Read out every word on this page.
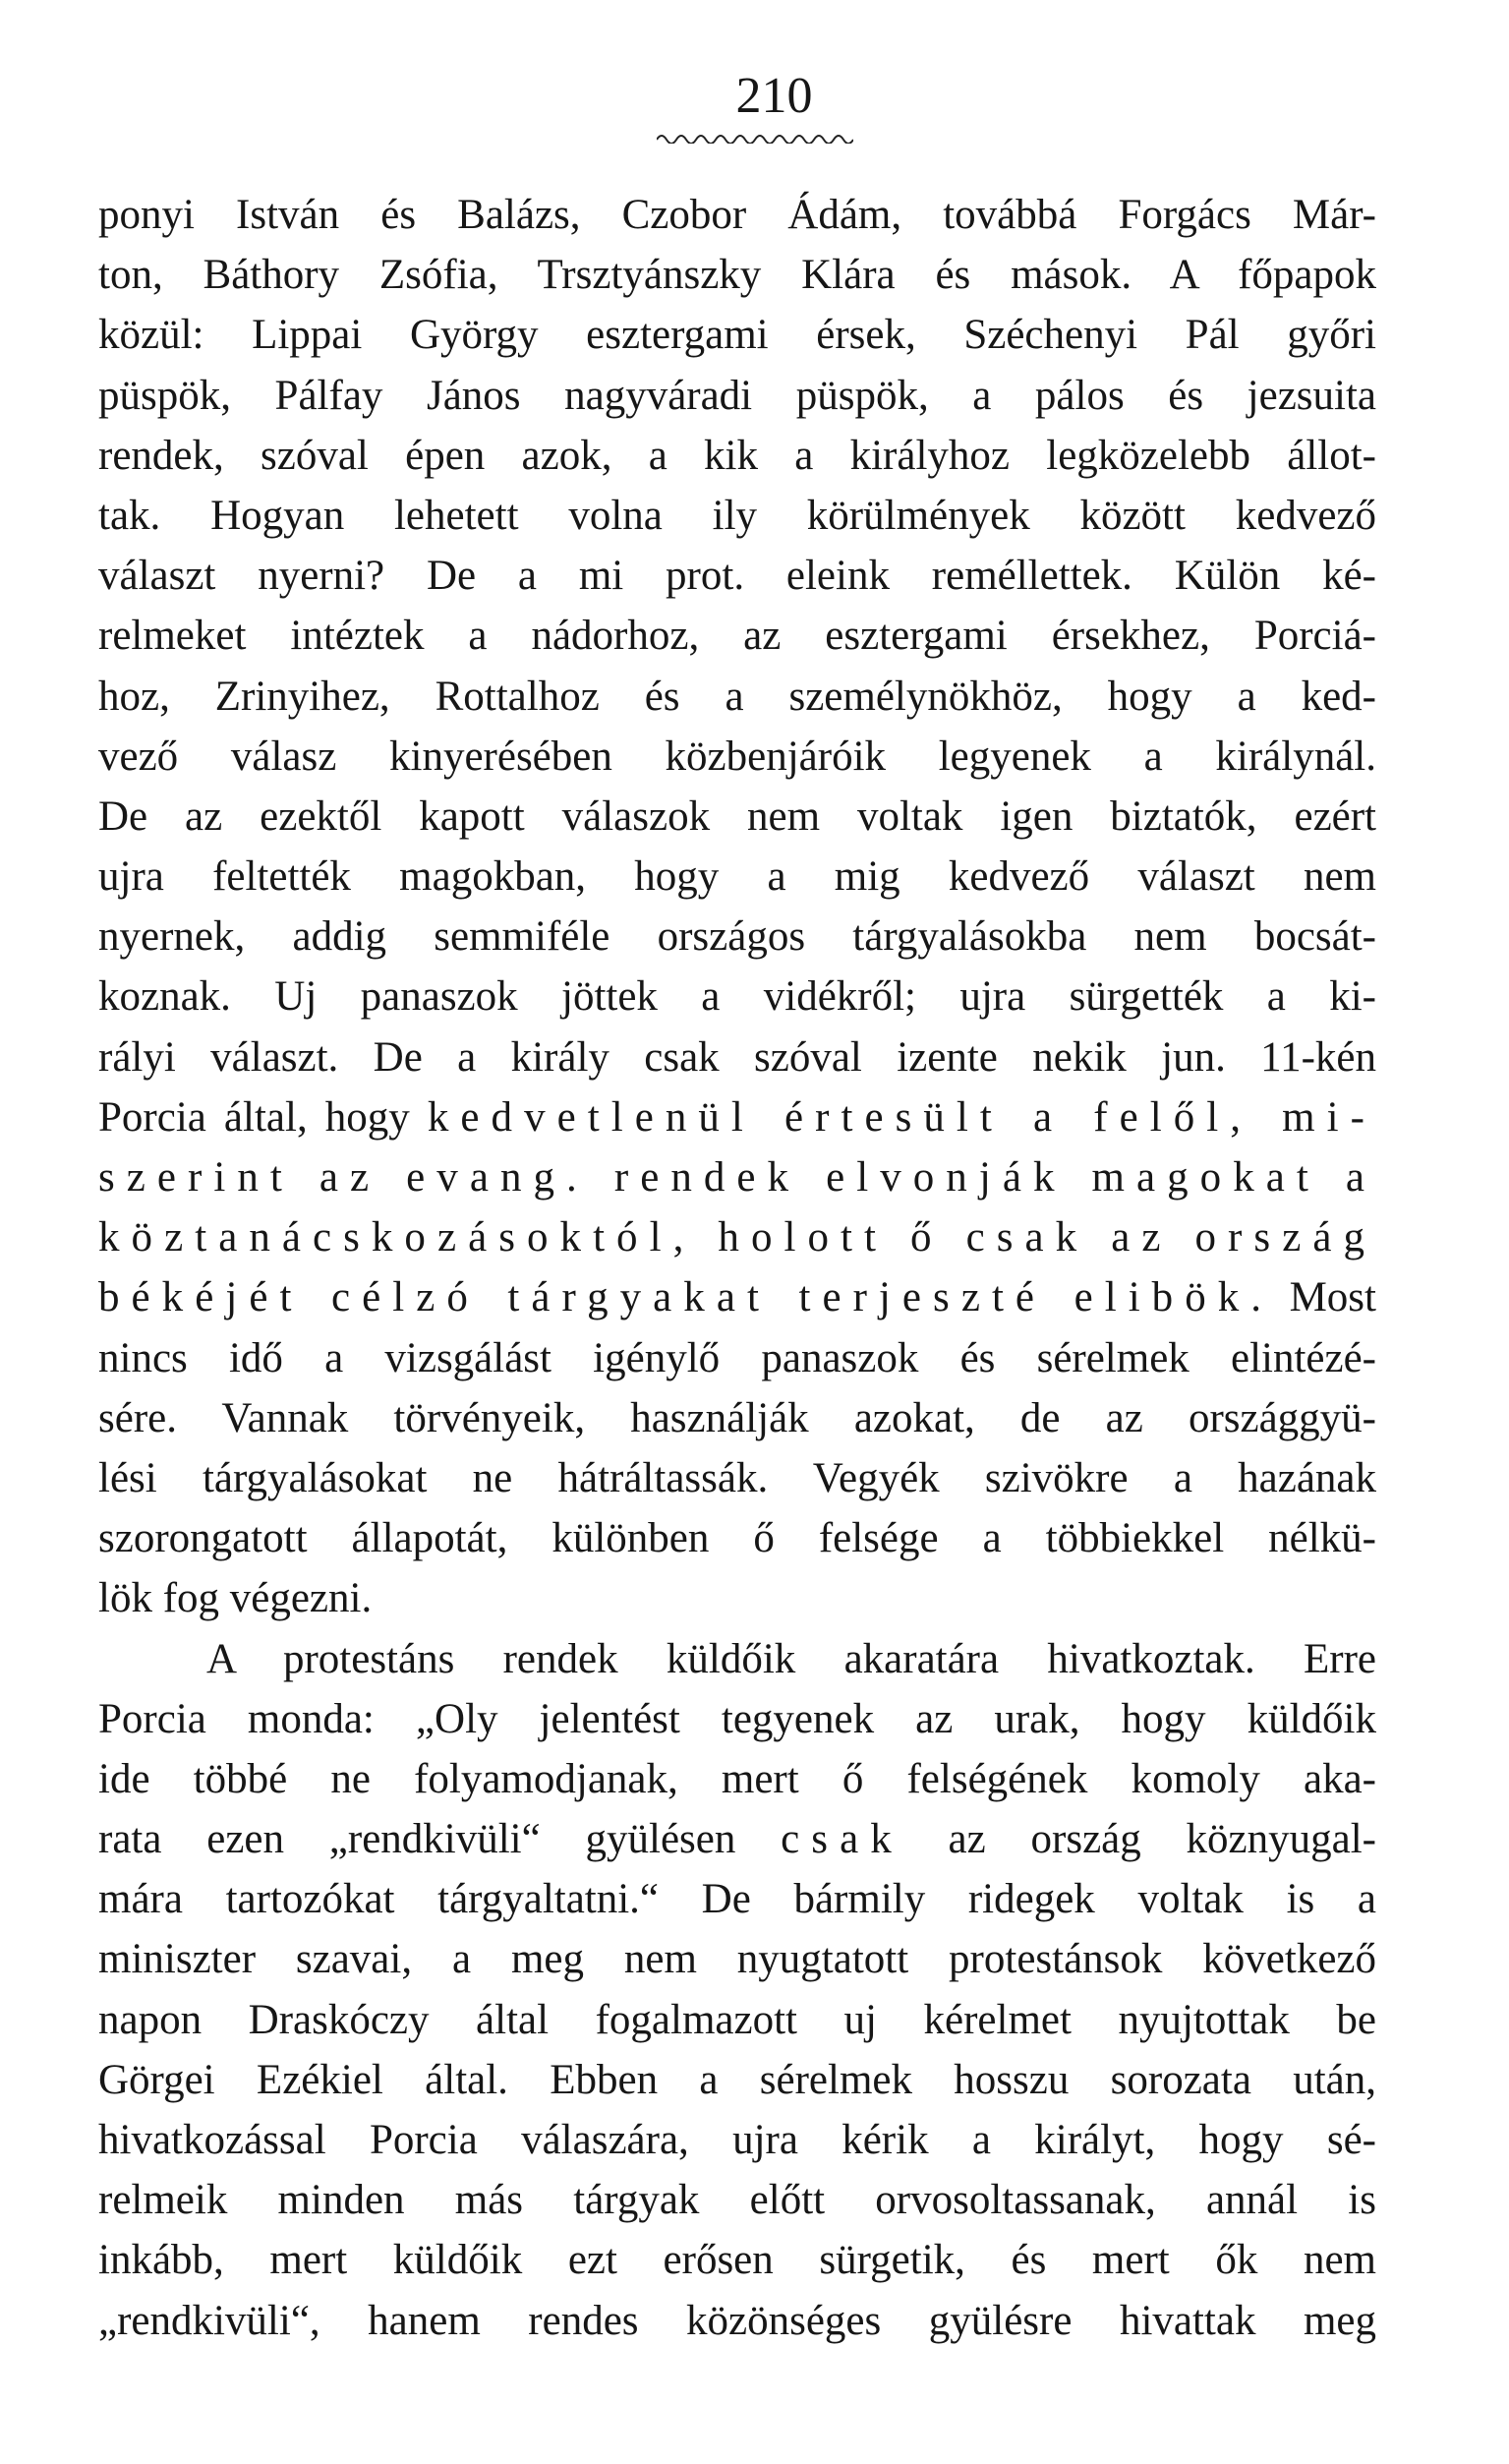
210
ponyi István és Balázs, Czobor Ádám, továbbá Forgács Már-
ton, Báthory Zsófia, Trsztyánszky Klára és mások. A főpapok
közül: Lippai György esztergami érsek, Széchenyi Pál győri
püspök, Pálfay János nagyváradi püspök, a pálos és jezsuita
rendek, szóval épen azok, a kik a királyhoz legközelebb állot-
tak. Hogyan lehetett volna ily körülmények között kedvező
választ nyerni? De a mi prot. eleink reméllettek. Külön ké-
relmeket intéztek a nádorhoz, az esztergami érsekhez, Porciá-
hoz, Zrinyihez, Rottalhoz és a személynökhöz, hogy a ked-
vező válasz kinyerésében közbenjáróik legyenek a királynál.
De az ezektől kapott válaszok nem voltak igen biztatók, ezért
ujra feltették magokban, hogy a mig kedvező választ nem
nyernek, addig semmiféle országos tárgyalásokba nem bocsát-
koznak. Uj panaszok jöttek a vidékről; ujra sürgették a ki-
rályi választ. De a király csak szóval izente nekik jun. 11-kén
Porcia által, hogy kedvetlenül értesült a felől, mi-
szerint az evang. rendek elvonják magokat a
köztanácskozásoktól, holott ő csak az ország
békéjét célzó tárgyakat terjeszté elibök. Most
nincs idő a vizsgálást igénylő panaszok és sérelmek elintézé-
sére. Vannak törvényeik, használják azokat, de az országgyü-
lési tárgyalásokat ne hátráltassák. Vegyék szivökre a hazának
szorongatott állapotát, különben ő felsége a többiekkel nélkü-
lök fog végezni.
A protestáns rendek küldőik akaratára hivatkoztak. Erre
Porcia monda: „Oly jelentést tegyenek az urak, hogy küldőik
ide többé ne folyamodjanak, mert ő felségének komoly aka-
rata ezen „rendkivüli“ gyülésen csak az ország köznyugal-
mára tartozókat tárgyaltatni.“ De bármily ridegek voltak is a
miniszter szavai, a meg nem nyugtatott protestánsok következő
napon Draskóczy által fogalmazott uj kérelmet nyujtottak be
Görgei Ezékiel által. Ebben a sérelmek hosszu sorozata után,
hivatkozással Porcia válaszára, ujra kérik a királyt, hogy sé-
relmeik minden más tárgyak előtt orvosoltassanak, annál is
inkább, mert küldőik ezt erősen sürgetik, és mert ők nem
„rendkivüli“, hanem rendes közönséges gyülésre hivattak meg
